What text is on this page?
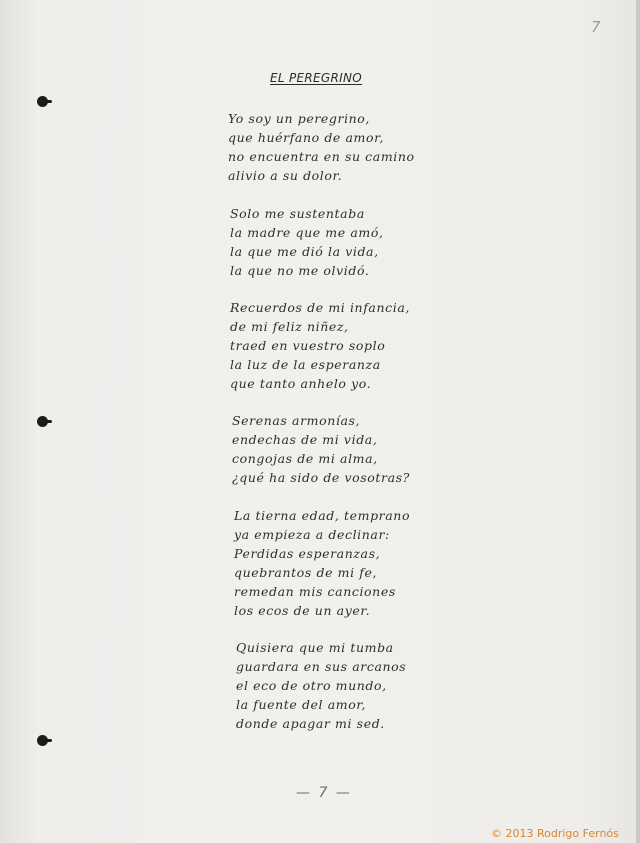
7
EL PEREGRINO
Yo soy un peregrino,
que huérfano de amor,
no encuentra en su camino
alivio a su dolor.
Solo me sustentaba
la madre que me amó,
la que me dió la vida,
la que no me olvidó.
Recuerdos de mi infancia,
de mi feliz niñez,
traed en vuestro soplo
la luz de la esperanza
que tanto anhelo yo.
Serenas armonías,
endechas de mi vida,
congojas de mi alma,
¿qué ha sido de vosotras?
La tierna edad, temprano
ya empieza a declinar:
Perdidas esperanzas,
quebrantos de mi fe,
remedan mis canciones
los ecos de un ayer.
Quisiera que mi tumba
guardara en sus arcanos
el eco de otro mundo,
la fuente del amor,
donde apagar mi sed.
— 7 —
© 2013 Rodrigo Fernós
